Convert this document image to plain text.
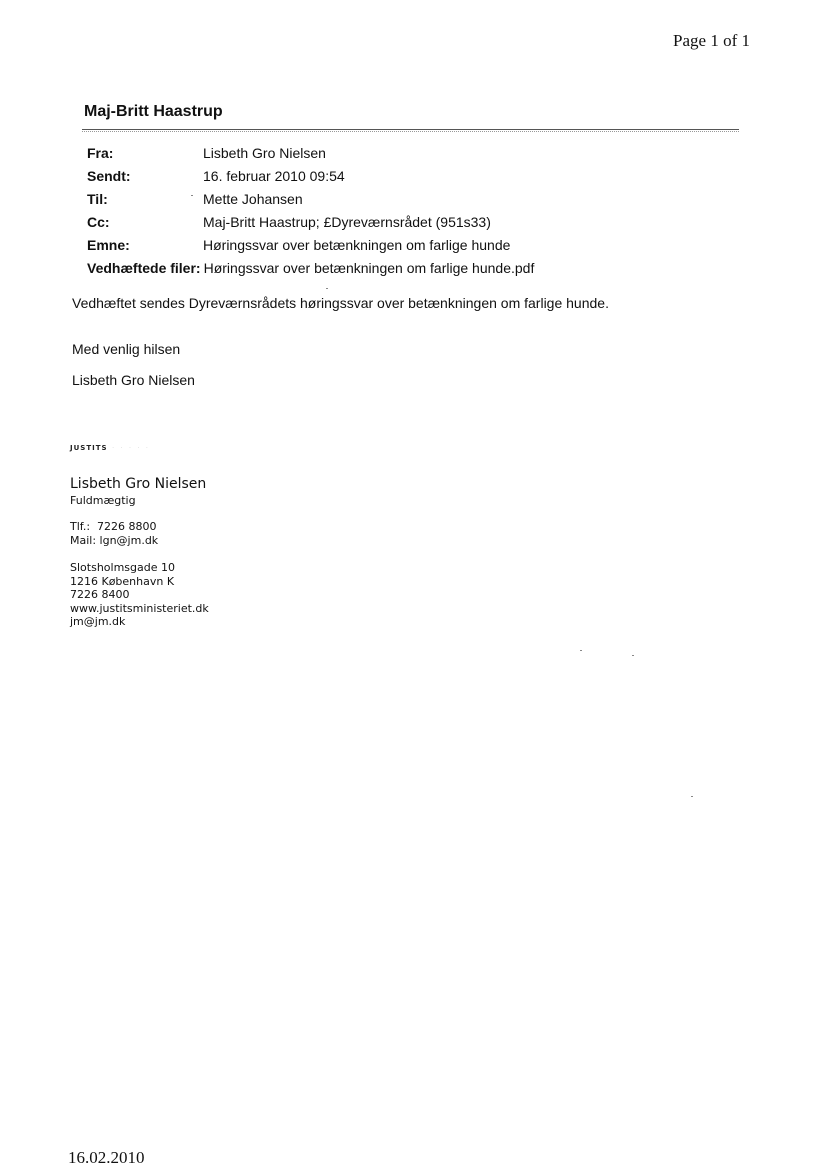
Page 1 of 1
Maj-Britt Haastrup
Fra:	Lisbeth Gro Nielsen
Sendt:	16. februar 2010 09:54
Til:	Mette Johansen
Cc:	Maj-Britt Haastrup; £Dyreværnsrådet (951s33)
Emne:	Høringssvar over betænkningen om farlige hunde
Vedhæftede filer: Høringssvar over betænkningen om farlige hunde.pdf
Vedhæftet sendes Dyreværnsrådets høringssvar over betænkningen om farlige hunde.
Med venlig hilsen
Lisbeth Gro Nielsen
JUSTITS · · · · ·
Lisbeth Gro Nielsen
Fuldmægtig
Tlf.:  7226 8800
Mail: lgn@jm.dk
Slotsholmsgade 10
1216 København K
7226 8400
www.justitsministeriet.dk
jm@jm.dk
16.02.2010
